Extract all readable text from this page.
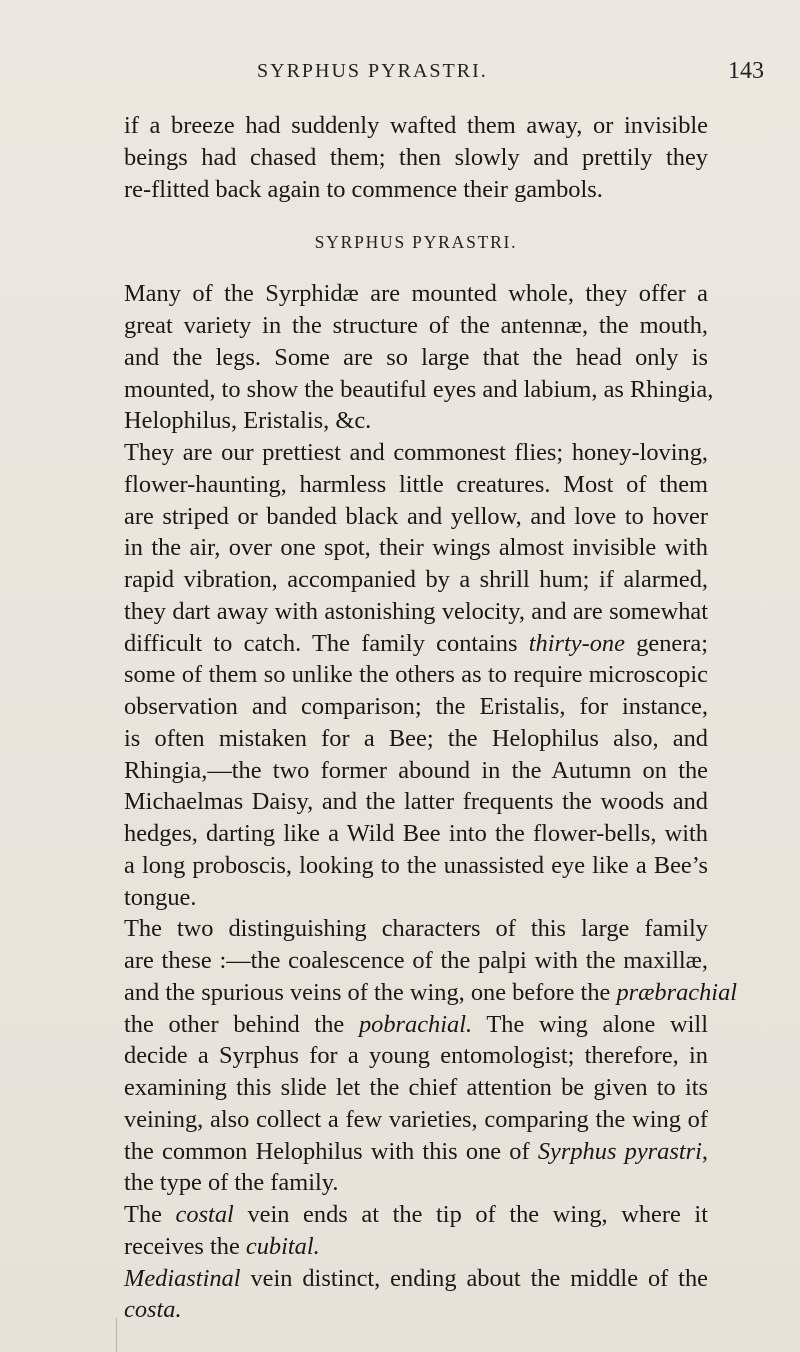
SYRPHUS PYRASTRI.	143

if a breeze had suddenly wafted them away, or invisible
beings had chased them; then slowly and prettily they
re-flitted back again to commence their gambols.

SYRPHUS PYRASTRI.

Many of the Syrphidæ are mounted whole, they offer a
great variety in the structure of the antennæ, the mouth,
and the legs. Some are so large that the head only is
mounted, to show the beautiful eyes and labium, as Rhingia,
Helophilus, Eristalis, &c.

They are our prettiest and commonest flies; honey-loving,
flower-haunting, harmless little creatures. Most of them
are striped or banded black and yellow, and love to hover
in the air, over one spot, their wings almost invisible with
rapid vibration, accompanied by a shrill hum; if alarmed,
they dart away with astonishing velocity, and are somewhat
difficult to catch. The family contains thirty-one genera;
some of them so unlike the others as to require microscopic
observation and comparison; the Eristalis, for instance,
is often mistaken for a Bee; the Helophilus also, and
Rhingia,—the two former abound in the Autumn on the
Michaelmas Daisy, and the latter frequents the woods and
hedges, darting like a Wild Bee into the flower-bells, with
a long proboscis, looking to the unassisted eye like a Bee’s
tongue.

The two distinguishing characters of this large family
are these :—the coalescence of the palpi with the maxillæ,
and the spurious veins of the wing, one before the præbrachial
the other behind the pobrachial. The wing alone will
decide a Syrphus for a young entomologist; therefore, in
examining this slide let the chief attention be given to its
veining, also collect a few varieties, comparing the wing of
the common Helophilus with this one of Syrphus pyrastri,
the type of the family.

The costal vein ends at the tip of the wing, where it
receives the cubital.

Mediastinal vein distinct, ending about the middle of the
costa.
